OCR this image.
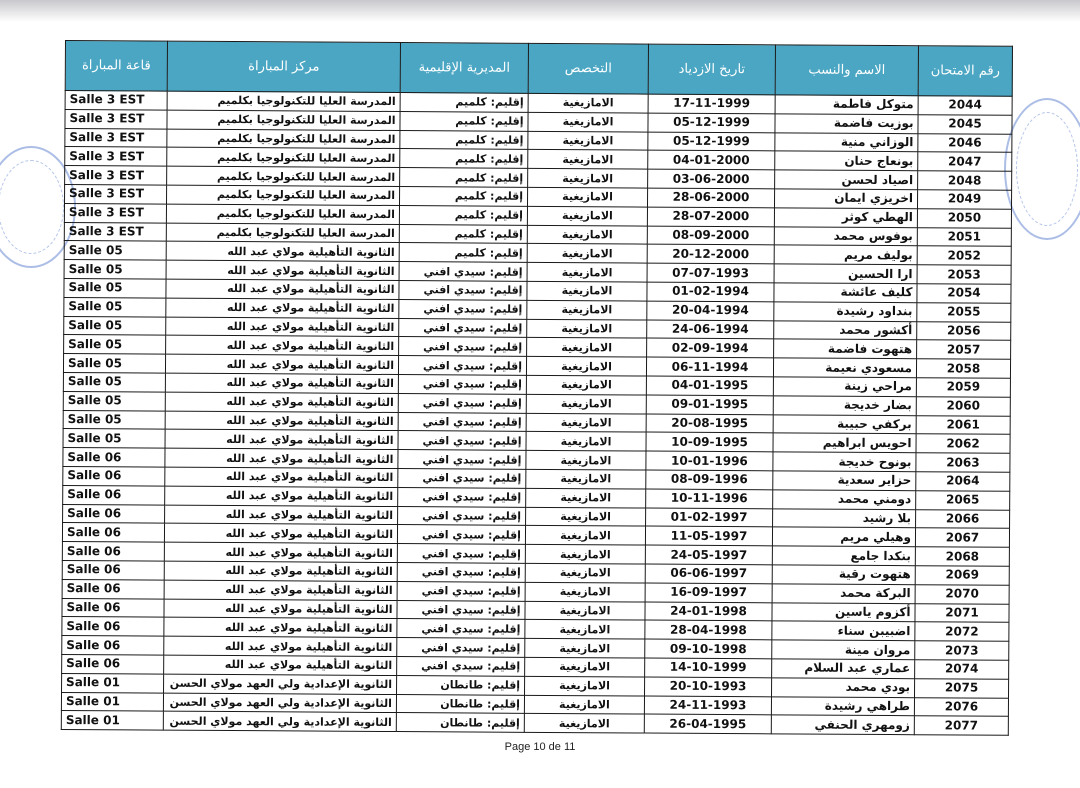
قاعة المباراة	مركز المباراة	المديرية الإقليمية	التخصص	تاريخ الازدياد	الاسم والنسب	رقم الامتحان
Salle 3 EST	المدرسة العليا للتكنولوجيا بكلميم	إقليم: كلميم	الامازيغية	17-11-1999	متوكل فاطمة	2044
Salle 3 EST	المدرسة العليا للتكنولوجيا بكلميم	إقليم: كلميم	الامازيغية	05-12-1999	بوزيت فاضمة	2045
Salle 3 EST	المدرسة العليا للتكنولوجيا بكلميم	إقليم: كلميم	الامازيغية	05-12-1999	الوزاني منية	2046
Salle 3 EST	المدرسة العليا للتكنولوجيا بكلميم	إقليم: كلميم	الامازيغية	04-01-2000	بونعاج حنان	2047
Salle 3 EST	المدرسة العليا للتكنولوجيا بكلميم	إقليم: كلميم	الامازيغية	03-06-2000	اصياد لحسن	2048
Salle 3 EST	المدرسة العليا للتكنولوجيا بكلميم	إقليم: كلميم	الامازيغية	28-06-2000	اخريزي ايمان	2049
Salle 3 EST	المدرسة العليا للتكنولوجيا بكلميم	إقليم: كلميم	الامازيغية	28-07-2000	الهطي كوثر	2050
Salle 3 EST	المدرسة العليا للتكنولوجيا بكلميم	إقليم: كلميم	الامازيغية	08-09-2000	بوفوس محمد	2051
Salle 05	الثانوية التأهيلية مولاي عبد الله	إقليم: كلميم	الامازيغية	20-12-2000	بوليف مريم	2052
Salle 05	الثانوية التأهيلية مولاي عبد الله	إقليم: سيدي افني	الامازيغية	07-07-1993	ارا الحسين	2053
Salle 05	الثانوية التأهيلية مولاي عبد الله	إقليم: سيدي افني	الامازيغية	01-02-1994	كليف عائشة	2054
Salle 05	الثانوية التأهيلية مولاي عبد الله	إقليم: سيدي افني	الامازيغية	20-04-1994	بنداود رشيدة	2055
Salle 05	الثانوية التأهيلية مولاي عبد الله	إقليم: سيدي افني	الامازيغية	24-06-1994	أكشور محمد	2056
Salle 05	الثانوية التأهيلية مولاي عبد الله	إقليم: سيدي افني	الامازيغية	02-09-1994	هتهوت فاضمة	2057
Salle 05	الثانوية التأهيلية مولاي عبد الله	إقليم: سيدي افني	الامازيغية	06-11-1994	مسعودي نعيمة	2058
Salle 05	الثانوية التأهيلية مولاي عبد الله	إقليم: سيدي افني	الامازيغية	04-01-1995	مراحي زينة	2059
Salle 05	الثانوية التأهيلية مولاي عبد الله	إقليم: سيدي افني	الامازيغية	09-01-1995	بضار خديجة	2060
Salle 05	الثانوية التأهيلية مولاي عبد الله	إقليم: سيدي افني	الامازيغية	20-08-1995	بركفي حبيبة	2061
Salle 05	الثانوية التأهيلية مولاي عبد الله	إقليم: سيدي افني	الامازيغية	10-09-1995	احويس ابراهيم	2062
Salle 06	الثانوية التأهيلية مولاي عبد الله	إقليم: سيدي افني	الامازيغية	10-01-1996	بونوح خديجة	2063
Salle 06	الثانوية التأهيلية مولاي عبد الله	إقليم: سيدي افني	الامازيغية	08-09-1996	حزاير سعدية	2064
Salle 06	الثانوية التأهيلية مولاي عبد الله	إقليم: سيدي افني	الامازيغية	10-11-1996	دومني محمد	2065
Salle 06	الثانوية التأهيلية مولاي عبد الله	إقليم: سيدي افني	الامازيغية	01-02-1997	بلا رشيد	2066
Salle 06	الثانوية التأهيلية مولاي عبد الله	إقليم: سيدي افني	الامازيغية	11-05-1997	وهيلي مريم	2067
Salle 06	الثانوية التأهيلية مولاي عبد الله	إقليم: سيدي افني	الامازيغية	24-05-1997	بنكدا جامع	2068
Salle 06	الثانوية التأهيلية مولاي عبد الله	إقليم: سيدي افني	الامازيغية	06-06-1997	هتهوت رقية	2069
Salle 06	الثانوية التأهيلية مولاي عبد الله	إقليم: سيدي افني	الامازيغية	16-09-1997	البركة محمد	2070
Salle 06	الثانوية التأهيلية مولاي عبد الله	إقليم: سيدي افني	الامازيغية	24-01-1998	أكزوم ياسين	2071
Salle 06	الثانوية التأهيلية مولاي عبد الله	إقليم: سيدي افني	الامازيغية	28-04-1998	اضبيبن سناء	2072
Salle 06	الثانوية التأهيلية مولاي عبد الله	إقليم: سيدي افني	الامازيغية	09-10-1998	مروان مينة	2073
Salle 06	الثانوية التأهيلية مولاي عبد الله	إقليم: سيدي افني	الامازيغية	14-10-1999	عماري عبد السلام	2074
Salle 01	الثانوية الإعدادية ولي العهد مولاي الحسن	إقليم: طانطان	الامازيغية	20-10-1993	بودي محمد	2075
Salle 01	الثانوية الإعدادية ولي العهد مولاي الحسن	إقليم: طانطان	الامازيغية	24-11-1993	طراهي رشيدة	2076
Salle 01	الثانوية الإعدادية ولي العهد مولاي الحسن	إقليم: طانطان	الامازيغية	26-04-1995	زومهري الحنفي	2077
Page 10 de 11
